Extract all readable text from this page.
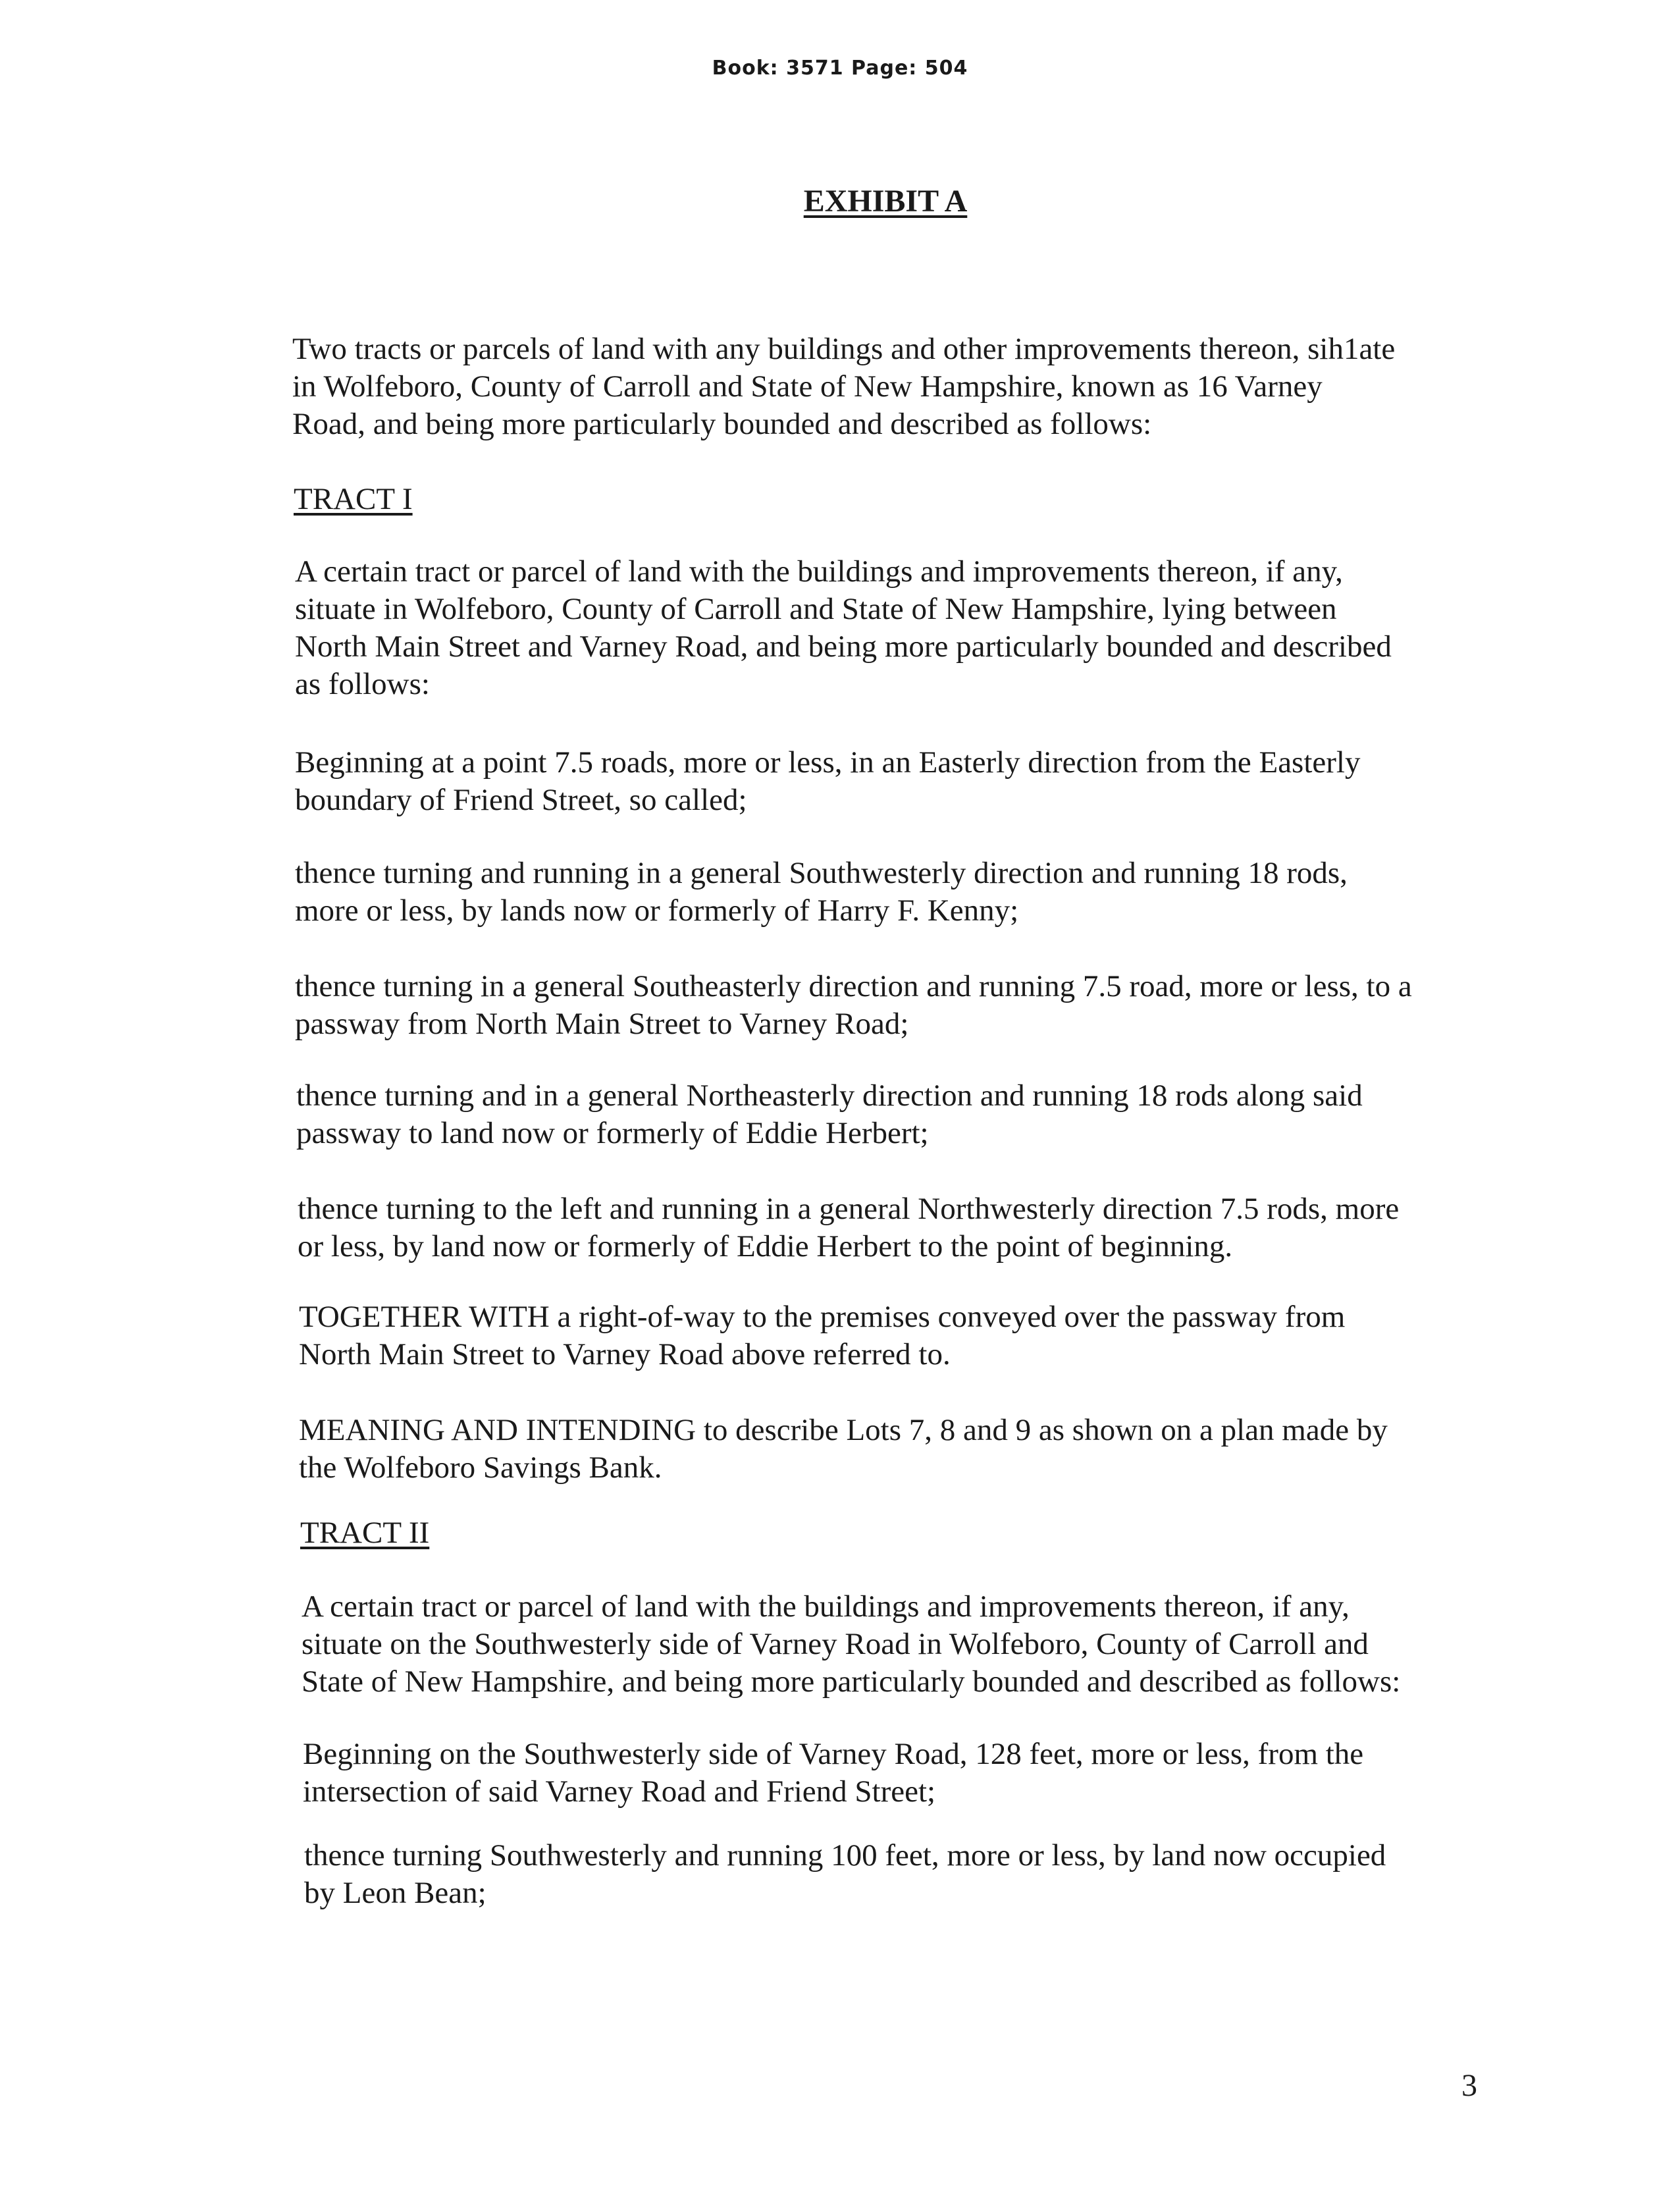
Book: 3571 Page: 504
EXHIBIT A

Two tracts or parcels of land with any buildings and other improvements thereon, sih1ate
in Wolfeboro, County of Carroll and State of New Hampshire, known as 16 Varney
Road, and being more particularly bounded and described as follows:

TRACT I

A certain tract or parcel of land with the buildings and improvements thereon, if any,
situate in Wolfeboro, County of Carroll and State of New Hampshire, lying between
North Main Street and Varney Road, and being more particularly bounded and described
as follows:

Beginning at a point 7.5 roads, more or less, in an Easterly direction from the Easterly
boundary of Friend Street, so called;

thence turning and running in a general Southwesterly direction and running 18 rods,
more or less, by lands now or formerly of Harry F. Kenny;

thence turning in a general Southeasterly direction and running 7.5 road, more or less, to a
passway from North Main Street to Varney Road;

thence turning and in a general Northeasterly direction and running 18 rods along said
passway to land now or formerly of Eddie Herbert;

thence turning to the left and running in a general Northwesterly direction 7.5 rods, more
or less, by land now or formerly of Eddie Herbert to the point of beginning.

TOGETHER WITH a right-of-way to the premises conveyed over the passway from
North Main Street to Varney Road above referred to.

MEANING AND INTENDING to describe Lots 7, 8 and 9 as shown on a plan made by
the Wolfeboro Savings Bank.

TRACT II

A certain tract or parcel of land with the buildings and improvements thereon, if any,
situate on the Southwesterly side of Varney Road in Wolfeboro, County of Carroll and
State of New Hampshire, and being more particularly bounded and described as follows:

Beginning on the Southwesterly side of Varney Road, 128 feet, more or less, from the
intersection of said Varney Road and Friend Street;

thence turning Southwesterly and running 100 feet, more or less, by land now occupied
by Leon Bean;

3
